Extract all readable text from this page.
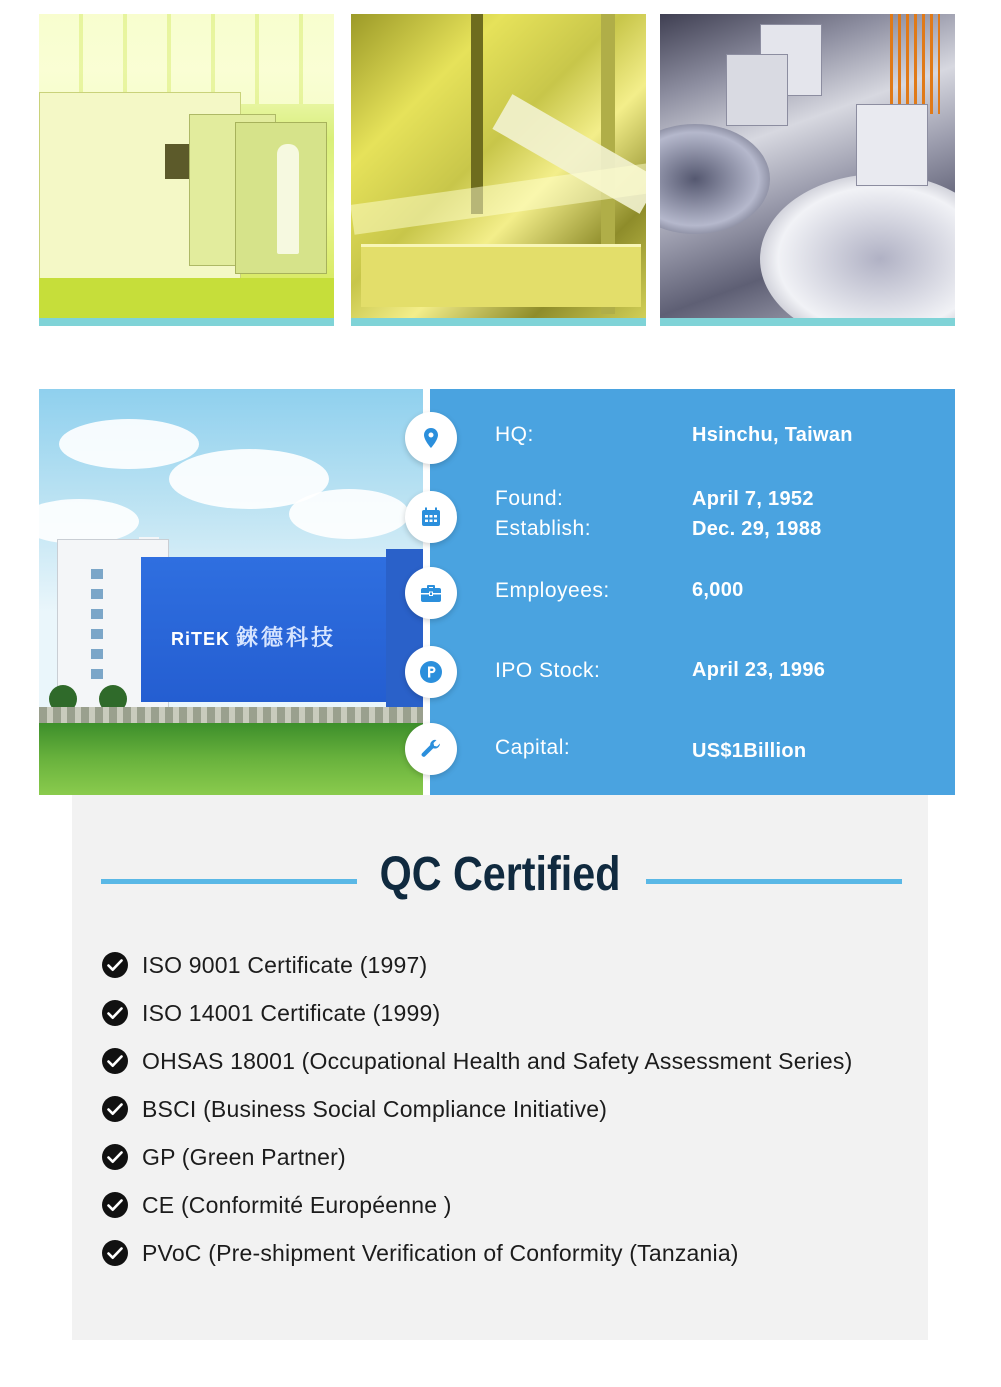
RiTEK 錸德科技
HQ:	Hsinchu, Taiwan
Found:	April 7, 1952
Establish:	Dec. 29, 1988
Employees:	6,000
IPO Stock:	April 23, 1996
Capital:	US$1Billion
QC Certified
ISO 9001 Certificate (1997)
ISO 14001 Certificate (1999)
OHSAS 18001 (Occupational Health and Safety Assessment Series)
BSCI (Business Social Compliance Initiative)
GP (Green Partner)
CE (Conformité Européenne )
PVoC (Pre-shipment Verification of Conformity (Tanzania)
